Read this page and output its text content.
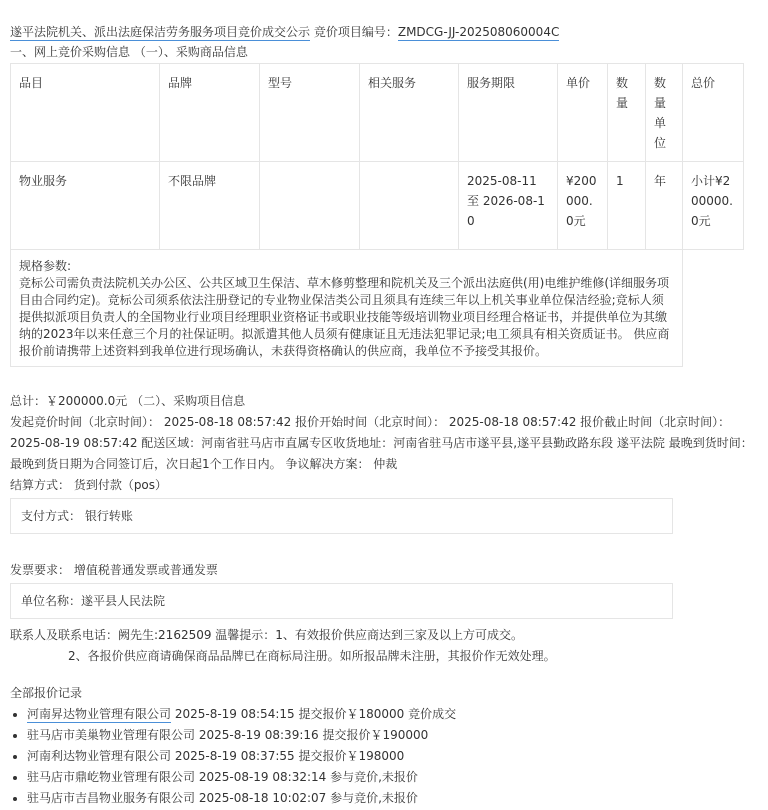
遂平法院机关、派出法庭保洁劳务服务项目竞价成交公示 竞价项目编号：ZMDCG-JJ-202508060004C
一、网上竞价采购信息 （一）、采购商品信息
品目	品牌	型号	相关服务	服务期限	单价	数量	数量单位	总价
物业服务	不限品牌			2025-08-11 至 2026-08-10	¥200000.0元	1	年	小计¥200000.0元
规格参数:
竞标公司需负责法院机关办公区、公共区域卫生保洁、草木修剪整理和院机关及三个派出法庭供(用)电维护维修(详细服务项目由合同约定)。竞标公司须系依法注册登记的专业物业保洁类公司且须具有连续三年以上机关事业单位保洁经验;竞标人须提供拟派项目负责人的全国物业行业项目经理职业资格证书或职业技能等级培训物业项目经理合格证书，并提供单位为其缴纳的2023年以来任意三个月的社保证明。拟派遣其他人员须有健康证且无违法犯罪记录;电工须具有相关资质证书。 供应商报价前请携带上述资料到我单位进行现场确认，未获得资格确认的供应商，我单位不予接受其报价。
总计：￥200000.0元 （二）、采购项目信息
发起竞价时间（北京时间）： 2025-08-18 08:57:42 报价开始时间（北京时间）： 2025-08-18 08:57:42 报价截止时间（北京时间）： 2025-08-19 08:57:42 配送区域：河南省驻马店市直属专区收货地址：河南省驻马店市遂平县,遂平县勤政路东段 遂平法院 最晚到货时间： 最晚到货日期为合同签订后，次日起1个工作日内。 争议解决方案： 仲裁
结算方式： 货到付款（pos）
支付方式： 银行转账
发票要求： 增值税普通发票或普通发票
单位名称：遂平县人民法院
联系人及联系电话：阙先生:2162509 温馨提示：1、有效报价供应商达到三家及以上方可成交。
2、各报价供应商请确保商品品牌已在商标局注册。如所报品牌未注册，其报价作无效处理。
全部报价记录
• 河南昇达物业管理有限公司 2025-8-19 08:54:15 提交报价￥180000 竞价成交
• 驻马店市美巢物业管理有限公司 2025-8-19 08:39:16 提交报价￥190000
• 河南利达物业管理有限公司 2025-8-19 08:37:55 提交报价￥198000
• 驻马店市鼎屹物业管理有限公司 2025-08-19 08:32:14 参与竞价,未报价
• 驻马店市吉昌物业服务有限公司 2025-08-18 10:02:07 参与竞价,未报价
